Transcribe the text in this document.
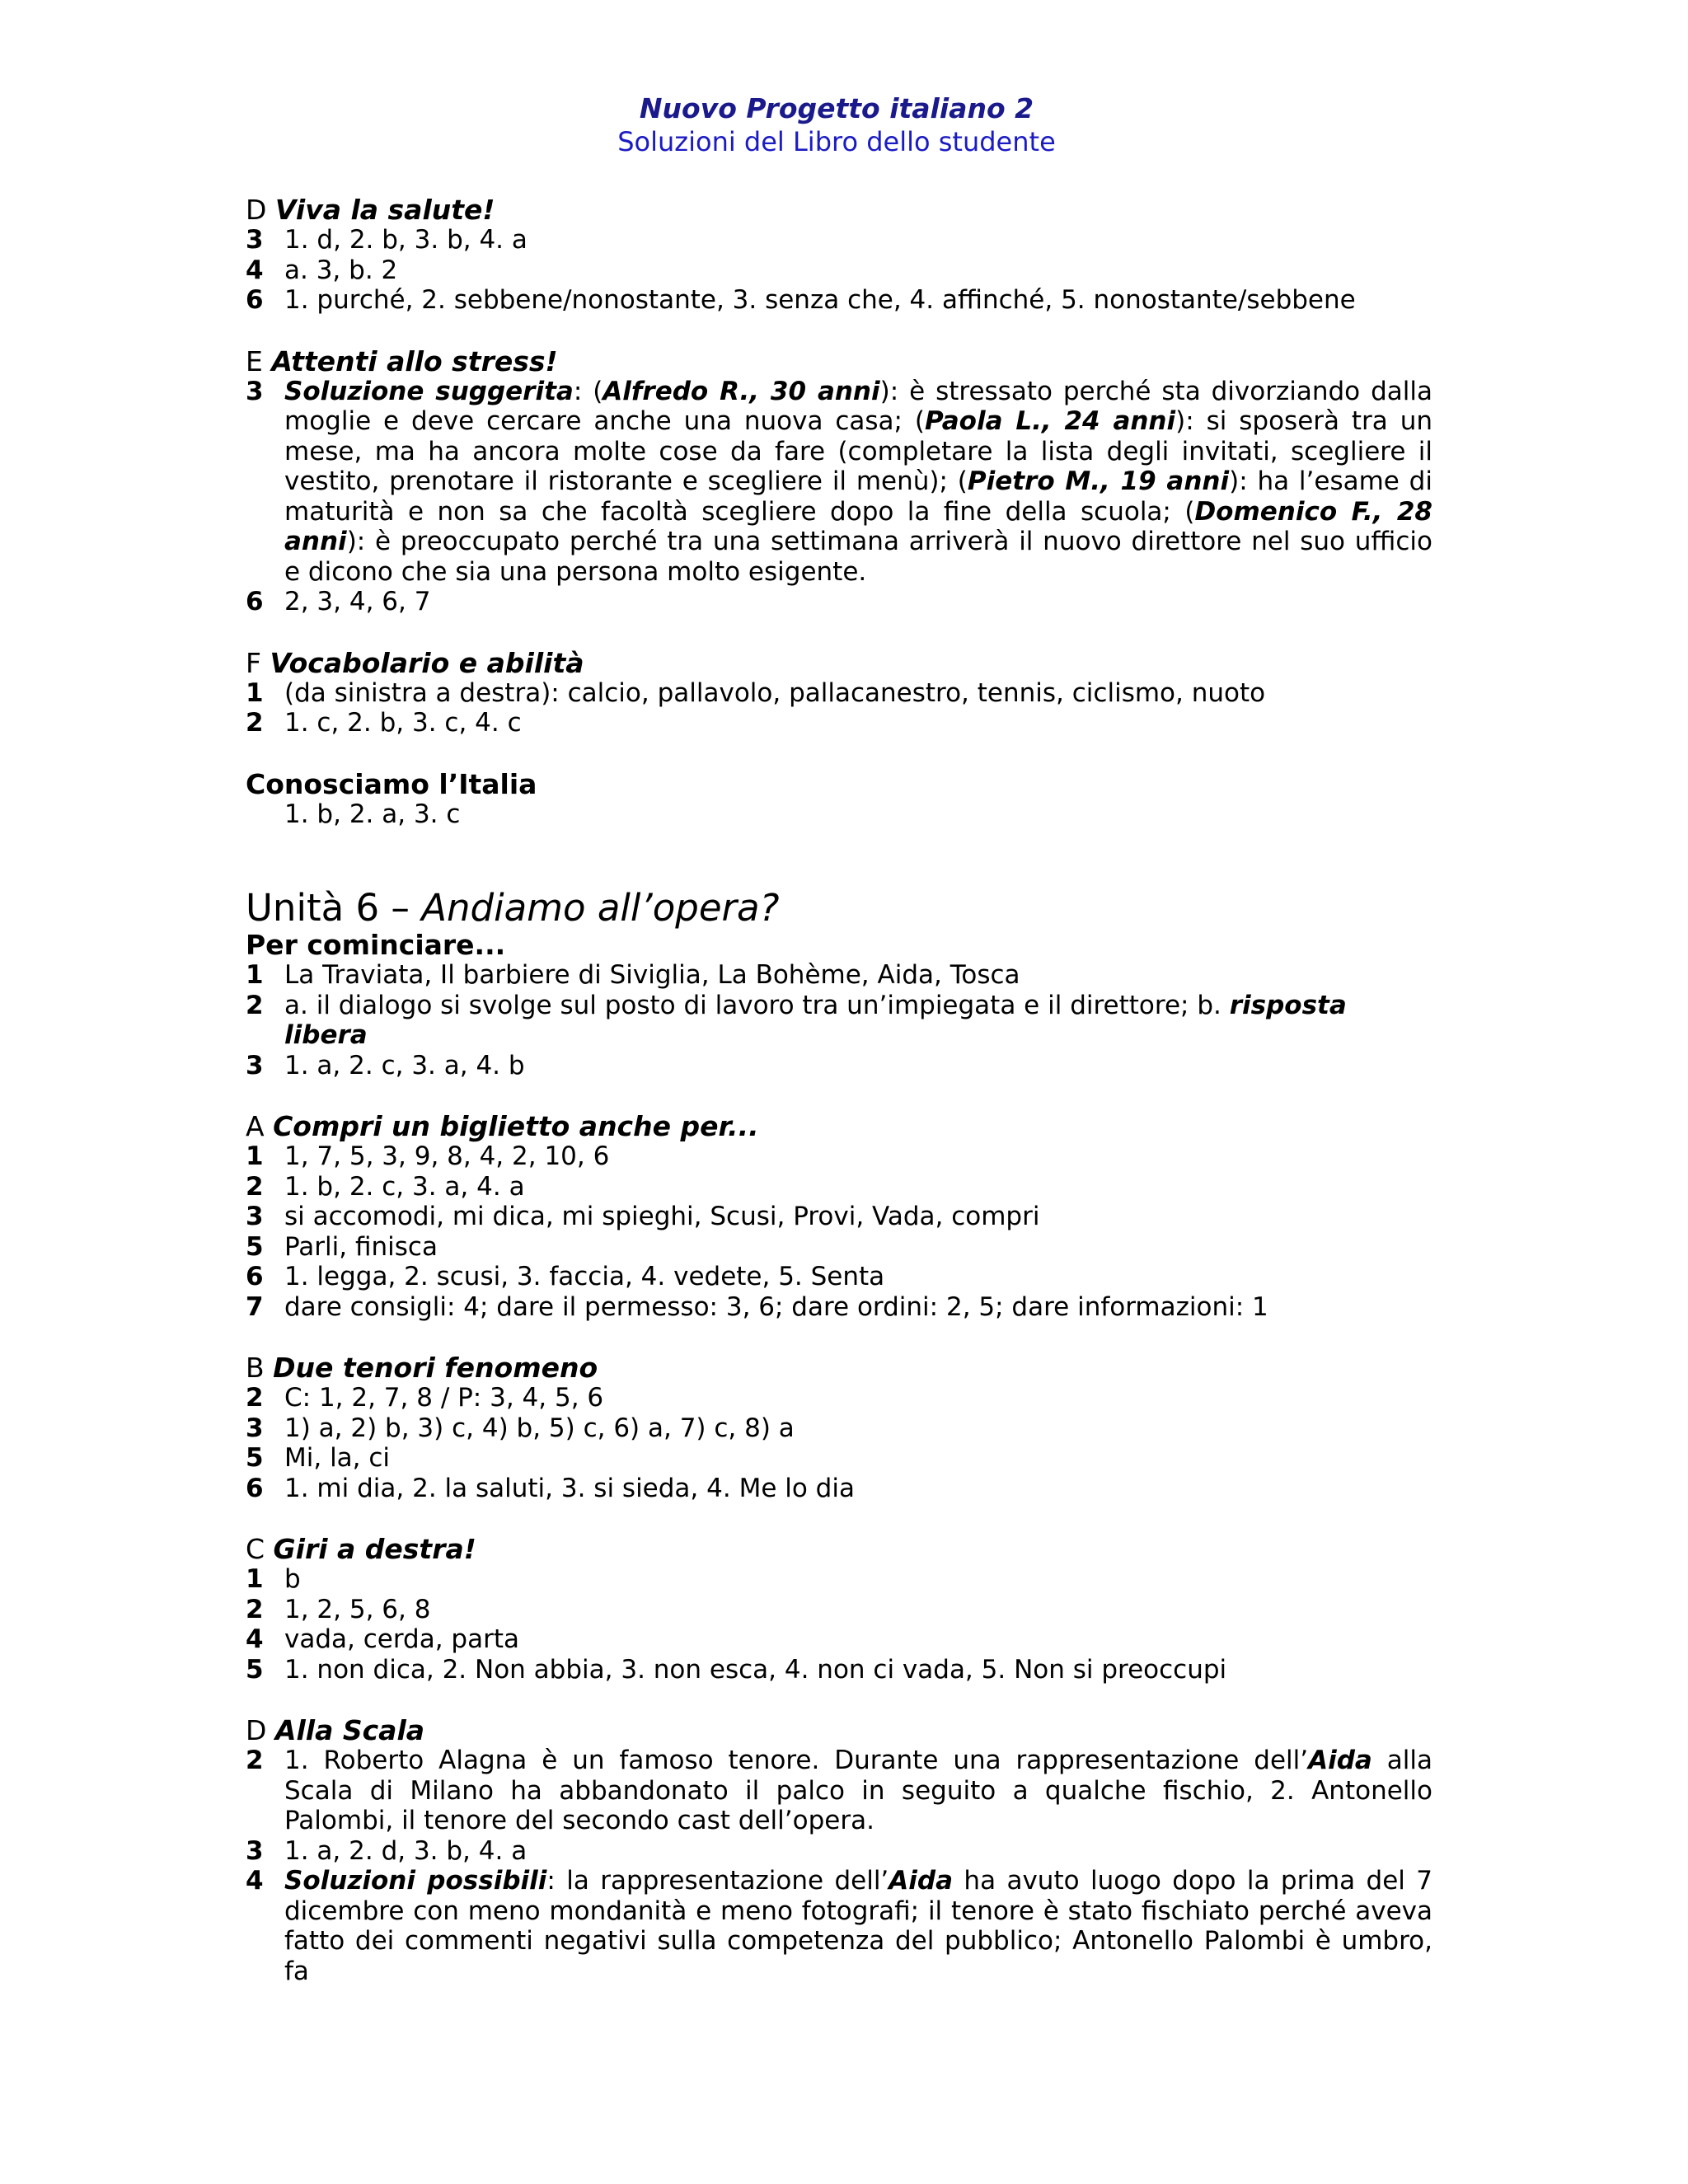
Nuovo Progetto italiano 2
Soluzioni del Libro dello studente
D Viva la salute!
3 1. d, 2. b, 3. b, 4. a
4 a. 3, b. 2
6 1. purché, 2. sebbene/nonostante, 3. senza che, 4. affinché, 5. nonostante/sebbene
E Attenti allo stress!
3 Soluzione suggerita: (Alfredo R., 30 anni): è stressato perché sta divorziando dalla moglie e deve cercare anche una nuova casa; (Paola L., 24 anni): si sposerà tra un mese, ma ha ancora molte cose da fare (completare la lista degli invitati, scegliere il vestito, prenotare il ristorante e scegliere il menù); (Pietro M., 19 anni): ha l’esame di maturità e non sa che facoltà scegliere dopo la fine della scuola; (Domenico F., 28 anni): è preoccupato perché tra una settimana arriverà il nuovo direttore nel suo ufficio e dicono che sia una persona molto esigente.
6 2, 3, 4, 6, 7
F Vocabolario e abilità
1 (da sinistra a destra): calcio, pallavolo, pallacanestro, tennis, ciclismo, nuoto
2 1. c, 2. b, 3. c, 4. c
Conosciamo l’Italia
1. b, 2. a, 3. c
Unità 6 – Andiamo all’opera?
Per cominciare...
1 La Traviata, Il barbiere di Siviglia, La Bohème, Aida, Tosca
2 a. il dialogo si svolge sul posto di lavoro tra un’impiegata e il direttore; b. risposta libera
3 1. a, 2. c, 3. a, 4. b
A Compri un biglietto anche per...
1 1, 7, 5, 3, 9, 8, 4, 2, 10, 6
2 1. b, 2. c, 3. a, 4. a
3 si accomodi, mi dica, mi spieghi, Scusi, Provi, Vada, compri
5 Parli, finisca
6 1. legga, 2. scusi, 3. faccia, 4. vedete, 5. Senta
7 dare consigli: 4; dare il permesso: 3, 6; dare ordini: 2, 5; dare informazioni: 1
B Due tenori fenomeno
2 C: 1, 2, 7, 8 / P: 3, 4, 5, 6
3 1) a, 2) b, 3) c, 4) b, 5) c, 6) a, 7) c, 8) a
5 Mi, la, ci
6 1. mi dia, 2. la saluti, 3. si sieda, 4. Me lo dia
C Giri a destra!
1 b
2 1, 2, 5, 6, 8
4 vada, cerda, parta
5 1. non dica, 2. Non abbia, 3. non esca, 4. non ci vada, 5. Non si preoccupi
D Alla Scala
2 1. Roberto Alagna è un famoso tenore. Durante una rappresentazione dell’Aida alla Scala di Milano ha abbandonato il palco in seguito a qualche fischio, 2. Antonello Palombi, il tenore del secondo cast dell’opera.
3 1. a, 2. d, 3. b, 4. a
4 Soluzioni possibili: la rappresentazione dell’Aida ha avuto luogo dopo la prima del 7 dicembre con meno mondanità e meno fotografi; il tenore è stato fischiato perché aveva fatto dei commenti negativi sulla competenza del pubblico; Antonello Palombi è umbro, fa
